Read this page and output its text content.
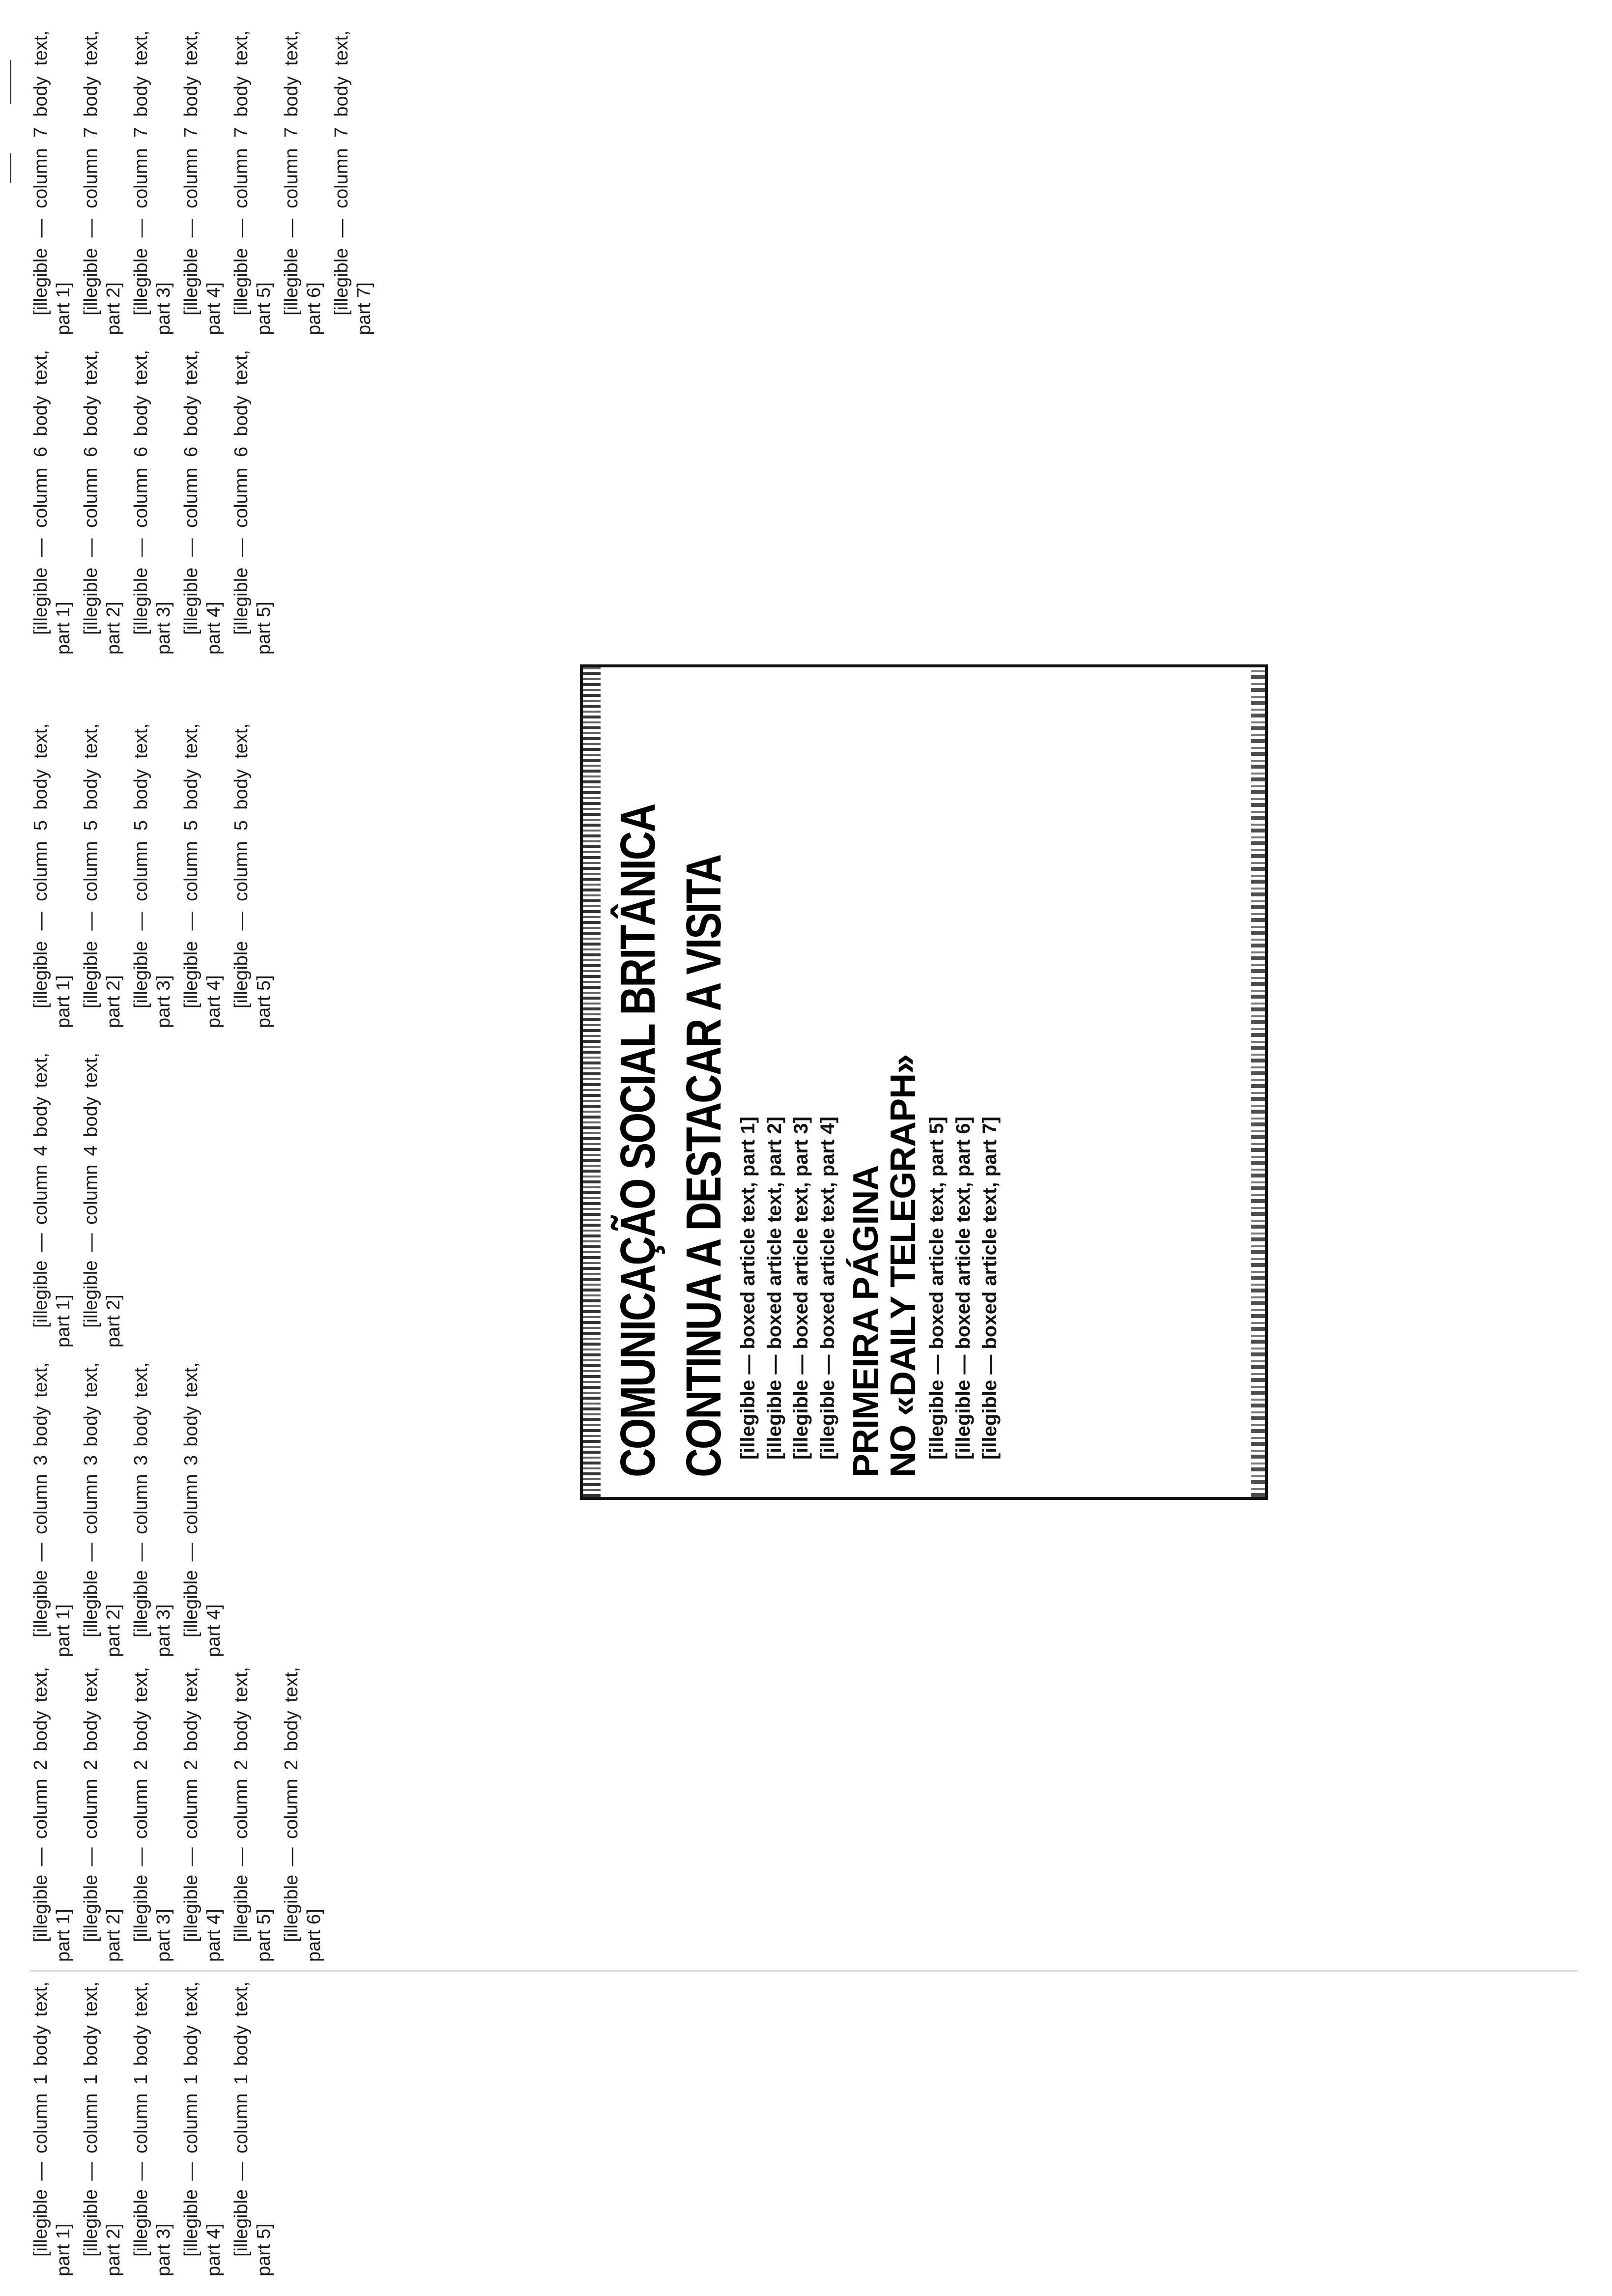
[illegible — column 1 body text, part 1] [illegible — column 1 body text, part 2] [illegible — column 1 body text, part 3] [illegible — column 1 body text, part 4] [illegible — column 1 body text, part 5]

[illegible — column 2 body text, part 1] [illegible — column 2 body text, part 2] [illegible — column 2 body text, part 3] [illegible — column 2 body text, part 4] [illegible — column 2 body text, part 5] [illegible — column 2 body text, part 6]

[illegible — column 3 body text, part 1] [illegible — column 3 body text, part 2] [illegible — column 3 body text, part 3] [illegible — column 3 body text, part 4]

[illegible — column 4 body text, part 1] [illegible — column 4 body text, part 2]	COMUNICAÇÃO SOCIAL BRITÂNICA CONTINUA A DESTACAR A VISITA [illegible — boxed article text, part 1] [illegible — boxed article text, part 2] [illegible — boxed article text, part 3] [illegible — boxed article text, part 4] PRIMEIRA PÁGINA
NO «DAILY TELEGRAPH» [illegible — boxed article text, part 5] [illegible — boxed article text, part 6] [illegible — boxed article text, part 7]

[illegible — column 5 body text, part 1] [illegible — column 5 body text, part 2] [illegible — column 5 body text, part 3] [illegible — column 5 body text, part 4] [illegible — column 5 body text, part 5]

[illegible — column 6 body text, part 1] [illegible — column 6 body text, part 2] [illegible — column 6 body text, part 3] [illegible — column 6 body text, part 4] [illegible — column 6 body text, part 5]

[illegible — column 7 body text, part 1] [illegible — column 7 body text, part 2] [illegible — column 7 body text, part 3] [illegible — column 7 body text, part 4] [illegible — column 7 body text, part 5] [illegible — column 7 body text, part 6] [illegible — column 7 body text, part 7]
